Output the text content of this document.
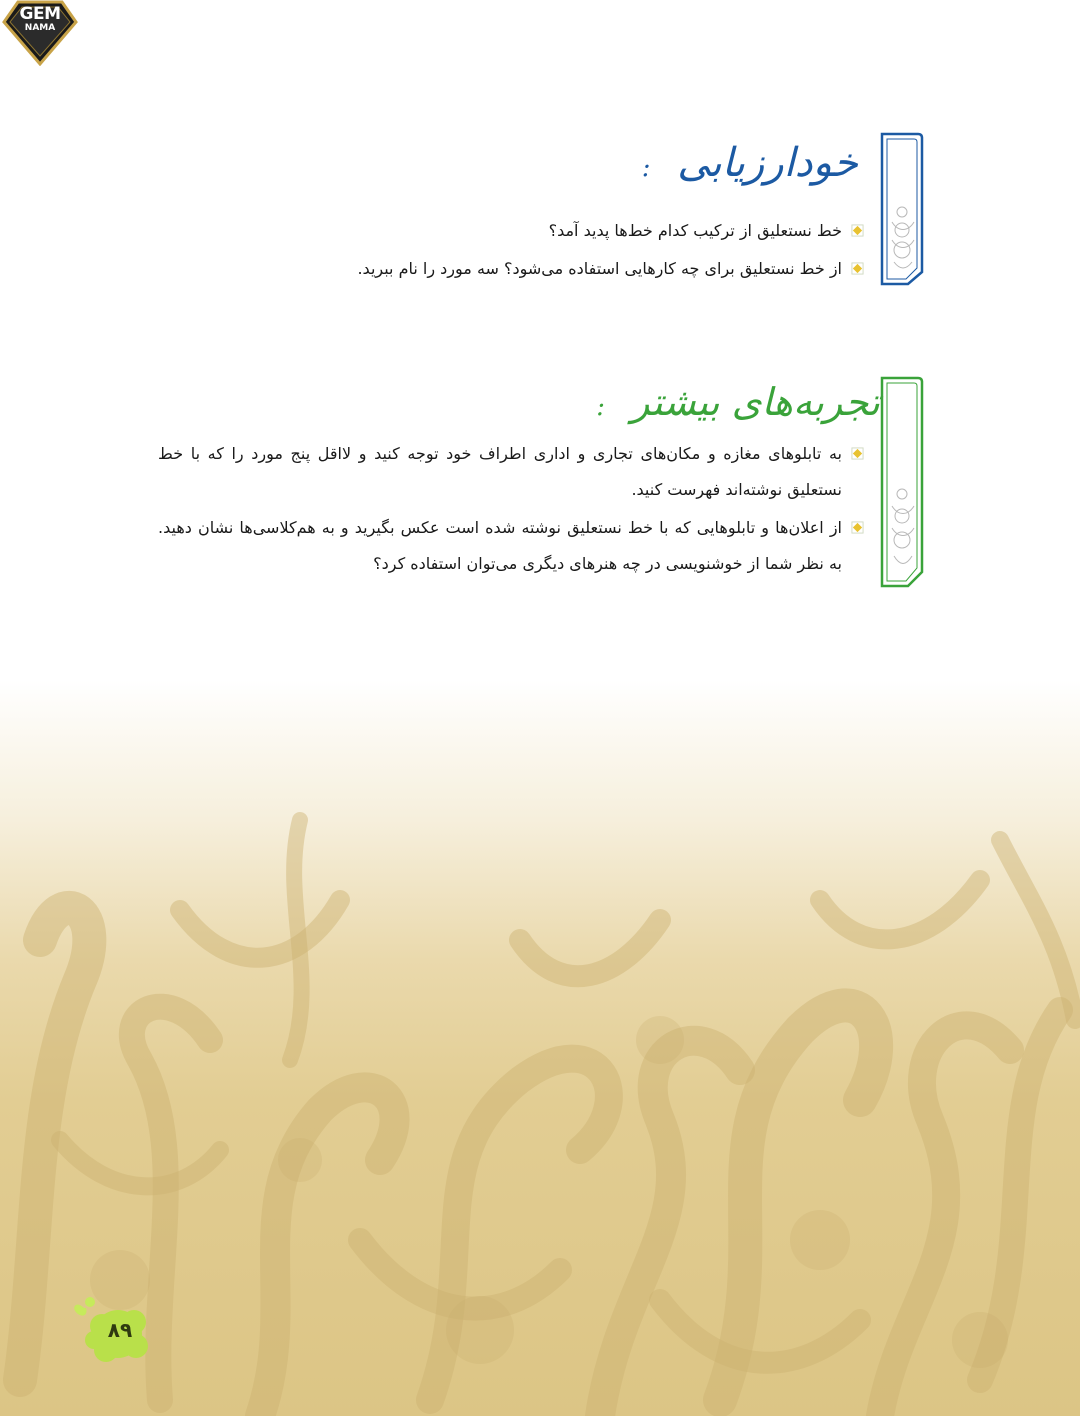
GEM
NAMA
خودارزیابی :
خط نستعلیق از ترکیب کدام خط‌ها پدید آمد؟
از خط نستعلیق برای چه کارهایی استفاده می‌شود؟ سه مورد را نام ببرید.
تجربه‌های بیشتر :
به تابلوهای مغازه و مکان‌های تجاری و اداری اطراف خود توجه کنید و لااقل پنج مورد را که با خط نستعلیق نوشته‌اند فهرست کنید.
از اعلان‌ها و تابلوهایی که با خط نستعلیق نوشته شده است عکس بگیرید و به هم‌کلاسی‌ها نشان دهید. به نظر شما از خوشنویسی در چه هنرهای دیگری می‌توان استفاده کرد؟
۸۹
